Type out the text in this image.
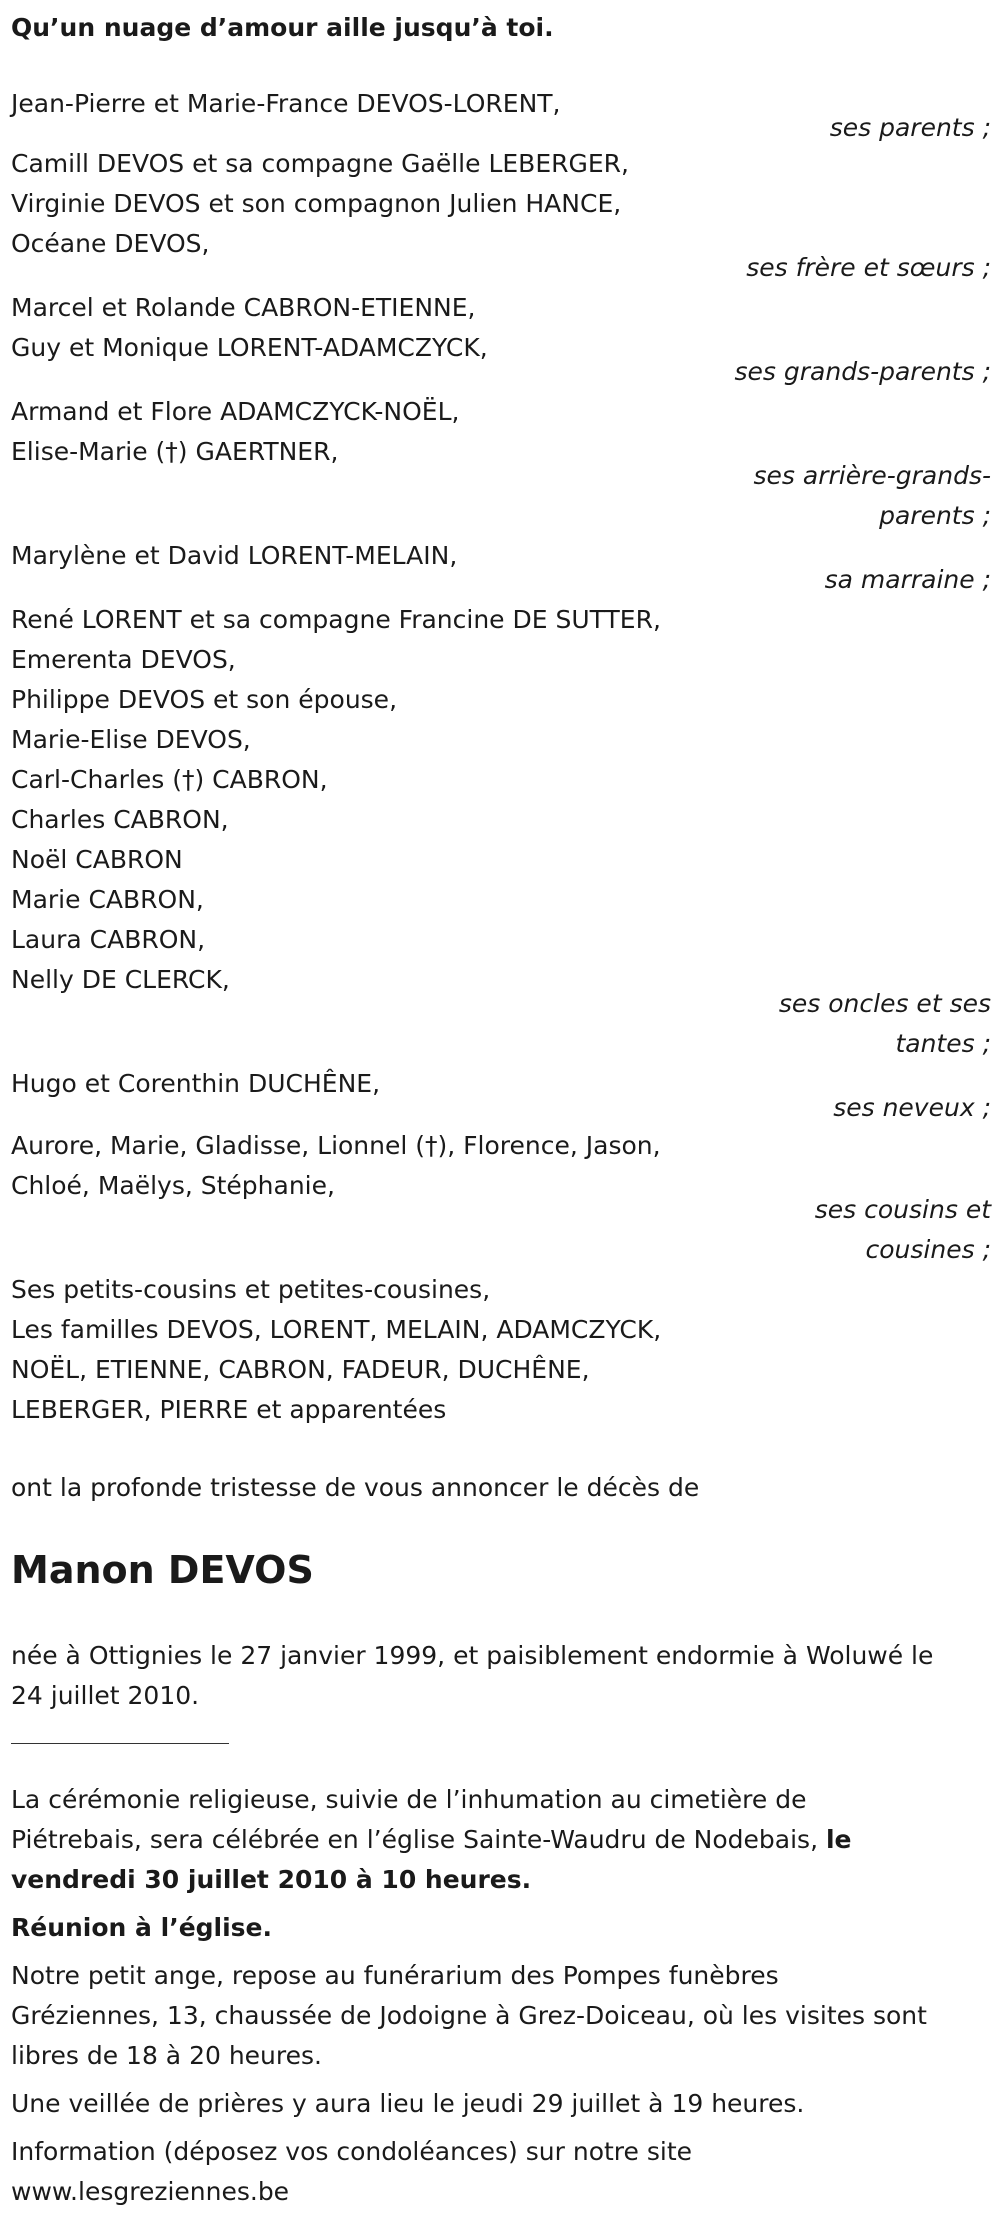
Qu’un nuage d’amour aille jusqu’à toi.
Jean-Pierre et Marie-France DEVOS-LORENT,
ses parents ;
Camill DEVOS et sa compagne Gaëlle LEBERGER,
Virginie DEVOS et son compagnon Julien HANCE,
Océane DEVOS,
ses frère et sœurs ;
Marcel et Rolande CABRON-ETIENNE,
Guy et Monique LORENT-ADAMCZYCK,
ses grands-parents ;
Armand et Flore ADAMCZYCK-NOËL,
Elise-Marie (†) GAERTNER,
ses arrière-grands-
parents ;
Marylène et David LORENT-MELAIN,
sa marraine ;
René LORENT et sa compagne Francine DE SUTTER,
Emerenta DEVOS,
Philippe DEVOS et son épouse,
Marie-Elise DEVOS,
Carl-Charles (†) CABRON,
Charles CABRON,
Noël CABRON
Marie CABRON,
Laura CABRON,
Nelly DE CLERCK,
ses oncles et ses
tantes ;
Hugo et Corenthin DUCHÊNE,
ses neveux ;
Aurore, Marie, Gladisse, Lionnel (†), Florence, Jason,
Chloé, Maëlys, Stéphanie,
ses cousins et
cousines ;
Ses petits-cousins et petites-cousines,
Les familles DEVOS, LORENT, MELAIN, ADAMCZYCK,
NOËL, ETIENNE, CABRON, FADEUR, DUCHÊNE,
LEBERGER, PIERRE et apparentées
ont la profonde tristesse de vous annoncer le décès de
Manon DEVOS
née à Ottignies le 27 janvier 1999, et paisiblement endormie à Woluwé le
24 juillet 2010.
La cérémonie religieuse, suivie de l’inhumation au cimetière de
Piétrebais, sera célébrée en l’église Sainte-Waudru de Nodebais, le
vendredi 30 juillet 2010 à 10 heures.
Réunion à l’église.
Notre petit ange, repose au funérarium des Pompes funèbres
Gréziennes, 13, chaussée de Jodoigne à Grez-Doiceau, où les visites sont
libres de 18 à 20 heures.
Une veillée de prières y aura lieu le jeudi 29 juillet à 19 heures.
Information (déposez vos condoléances) sur notre site
www.lesgreziennes.be
